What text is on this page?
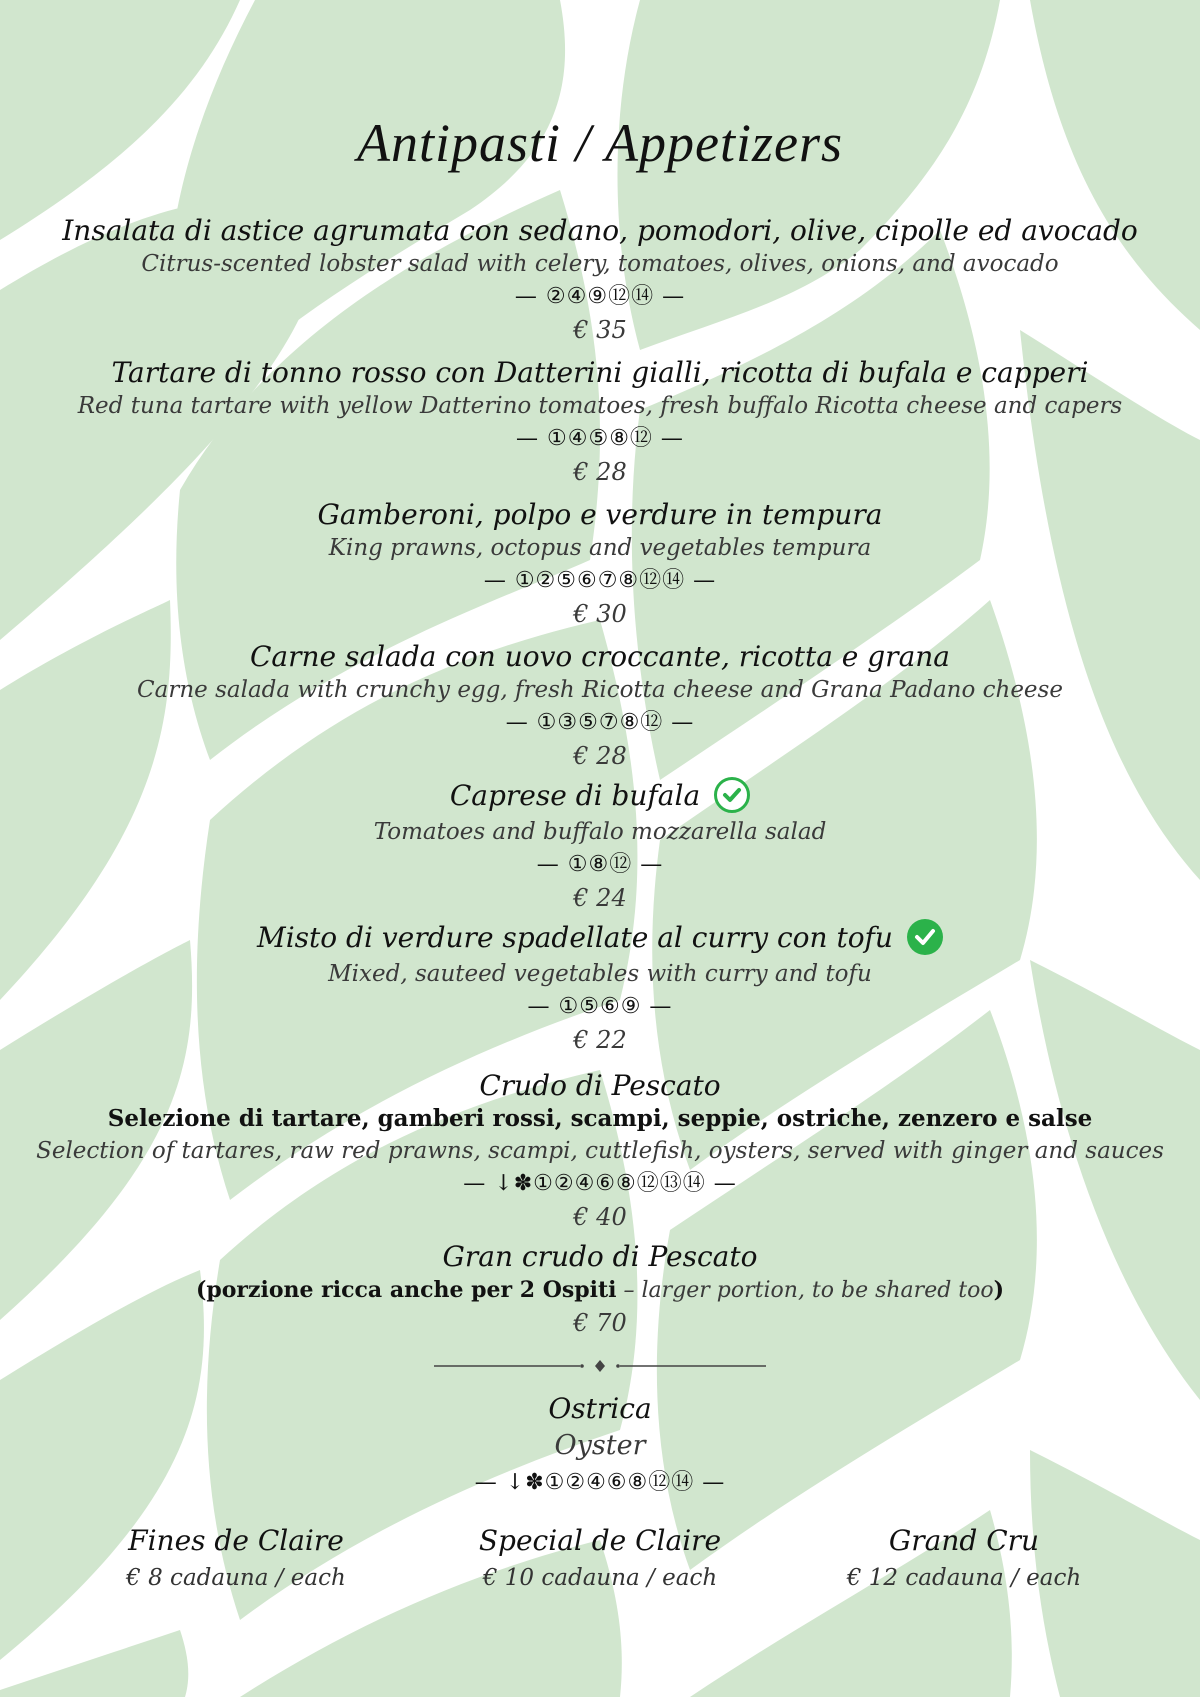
Antipasti / Appetizers
Insalata di astice agrumata con sedano, pomodori, olive, cipolle ed avocado
Citrus-scented lobster salad with celery, tomatoes, olives, onions, and avocado
— ②④⑨⑫⑭ —
€ 35
Tartare di tonno rosso con Datterini gialli, ricotta di bufala e capperi
Red tuna tartare with yellow Datterino tomatoes, fresh buffalo Ricotta cheese and capers
— ①④⑤⑧⑫ —
€ 28
Gamberoni, polpo e verdure in tempura
King prawns, octopus and vegetables tempura
— ①②⑤⑥⑦⑧⑫⑭ —
€ 30
Carne salada con uovo croccante, ricotta e grana
Carne salada with crunchy egg, fresh Ricotta cheese and Grana Padano cheese
— ①③⑤⑦⑧⑫ —
€ 28
Caprese di bufala
Tomatoes and buffalo mozzarella salad
— ①⑧⑫ —
€ 24
Misto di verdure spadellate al curry con tofu
Mixed, sauteed vegetables with curry and tofu
— ①⑤⑥⑨ —
€ 22
Crudo di Pescato
Selezione di tartare, gamberi rossi, scampi, seppie, ostriche, zenzero e salse
Selection of tartares, raw red prawns, scampi, cuttlefish, oysters, served with ginger and sauces
— ↓✽①②④⑥⑧⑫⑬⑭ —
€ 40
Gran crudo di Pescato
(porzione ricca anche per 2 Ospiti – larger portion, to be shared too)
€ 70
Ostrica
Oyster
— ↓✽①②④⑥⑧⑫⑭ —
Fines de Claire
€ 8 cadauna / each
Special de Claire
€ 10 cadauna / each
Grand Cru
€ 12 cadauna / each
